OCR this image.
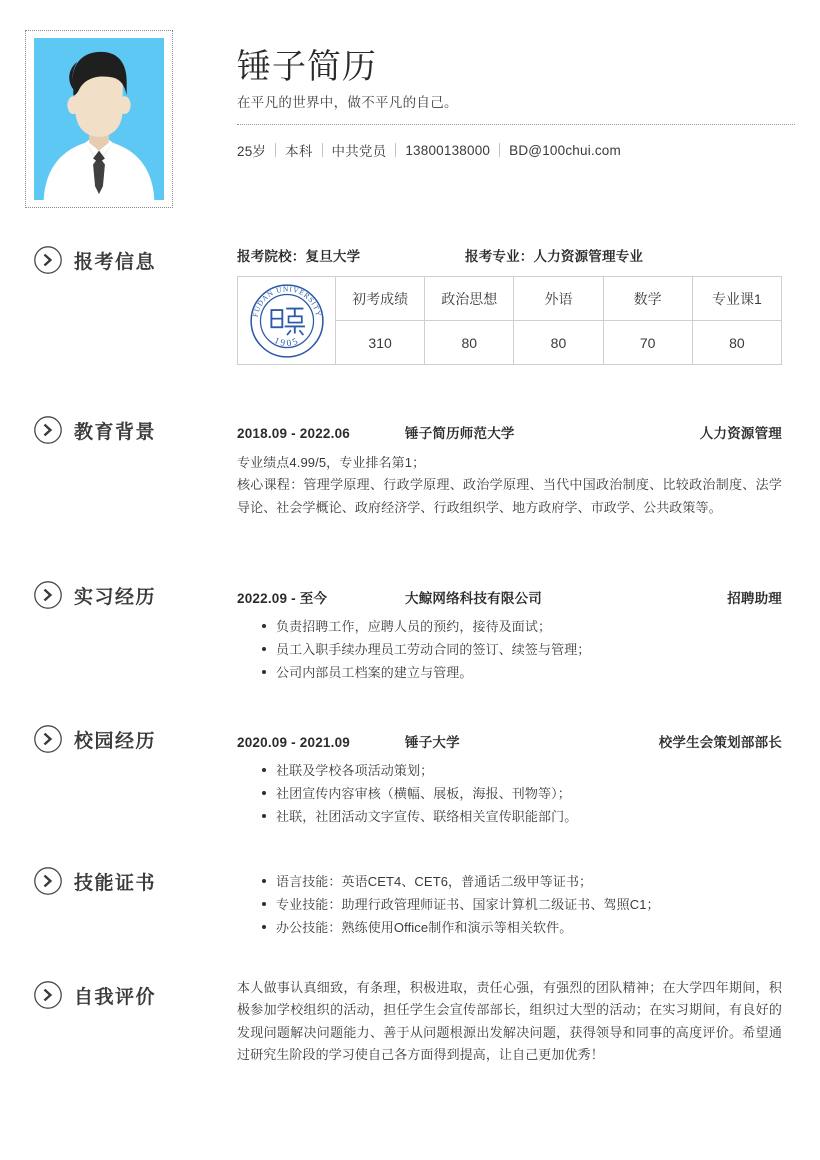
锤子简历

在平凡的世界中，做不平凡的自己。

25岁 本科 中共党员 13800138000 BD@100chui.com
报考信息	报考院校：复旦大学	报考专业：人力资源管理专业
FUDAN UNIVERSITY
1905	初考成绩	政治思想	外语	数学	专业课1
	310	80	80	70	80
教育背景	2018.09 - 2022.06	锤子简历师范大学	人力资源管理

专业绩点4.99/5，专业排名第1；

核心课程：管理学原理、行政学原理、政治学原理、当代中国政治制度、比较政治制度、法学导论、社会学概论、政府经济学、行政组织学、地方政府学、市政学、公共政策等。

实习经历	2022.09 - 至今	大鲸网络科技有限公司	招聘助理
负责招聘工作，应聘人员的预约，接待及面试；
员工入职手续办理员工劳动合同的签订、续签与管理；
公司内部员工档案的建立与管理。
校园经历	2020.09 - 2021.09	锤子大学	校学生会策划部部长
社联及学校各项活动策划；
社团宣传内容审核（横幅、展板，海报、刊物等）；
社联，社团活动文字宣传、联络相关宣传职能部门。
技能证书	语言技能：英语CET4、CET6，普通话二级甲等证书；
专业技能：助理行政管理师证书、国家计算机二级证书、驾照C1；
办公技能：熟练使用Office制作和演示等相关软件。
自我评价	本人做事认真细致，有条理，积极进取，责任心强，有强烈的团队精神；在大学四年期间，积极参加学校组织的活动，担任学生会宣传部部长，组织过大型的活动；在实习期间，有良好的发现问题解决问题能力、善于从问题根源出发解决问题，获得领导和同事的高度评价。希望通过研究生阶段的学习使自己各方面得到提高，让自己更加优秀！
